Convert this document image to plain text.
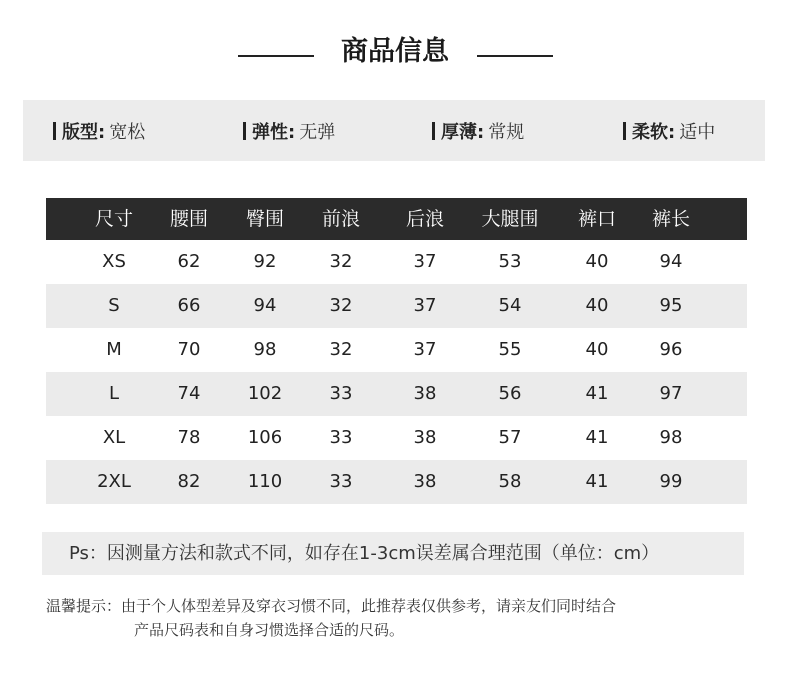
商品信息
版型: 宽松	弹性: 无弹	厚薄: 常规	柔软: 适中
尺寸	腰围	臀围	前浪	后浪	大腿围	裤口	裤长
XS	62	92	32	37	53	40	94
S	66	94	32	37	54	40	95
M	70	98	32	37	55	40	96
L	74	102	33	38	56	41	97
XL	78	106	33	38	57	41	98
2XL	82	110	33	38	58	41	99
Ps：因测量方法和款式不同，如存在1-3cm误差属合理范围（单位：cm）
温馨提示： 由于个人体型差异及穿衣习惯不同，此推荐表仅供参考，请亲友们同时结合
产品尺码表和自身习惯选择合适的尺码。
